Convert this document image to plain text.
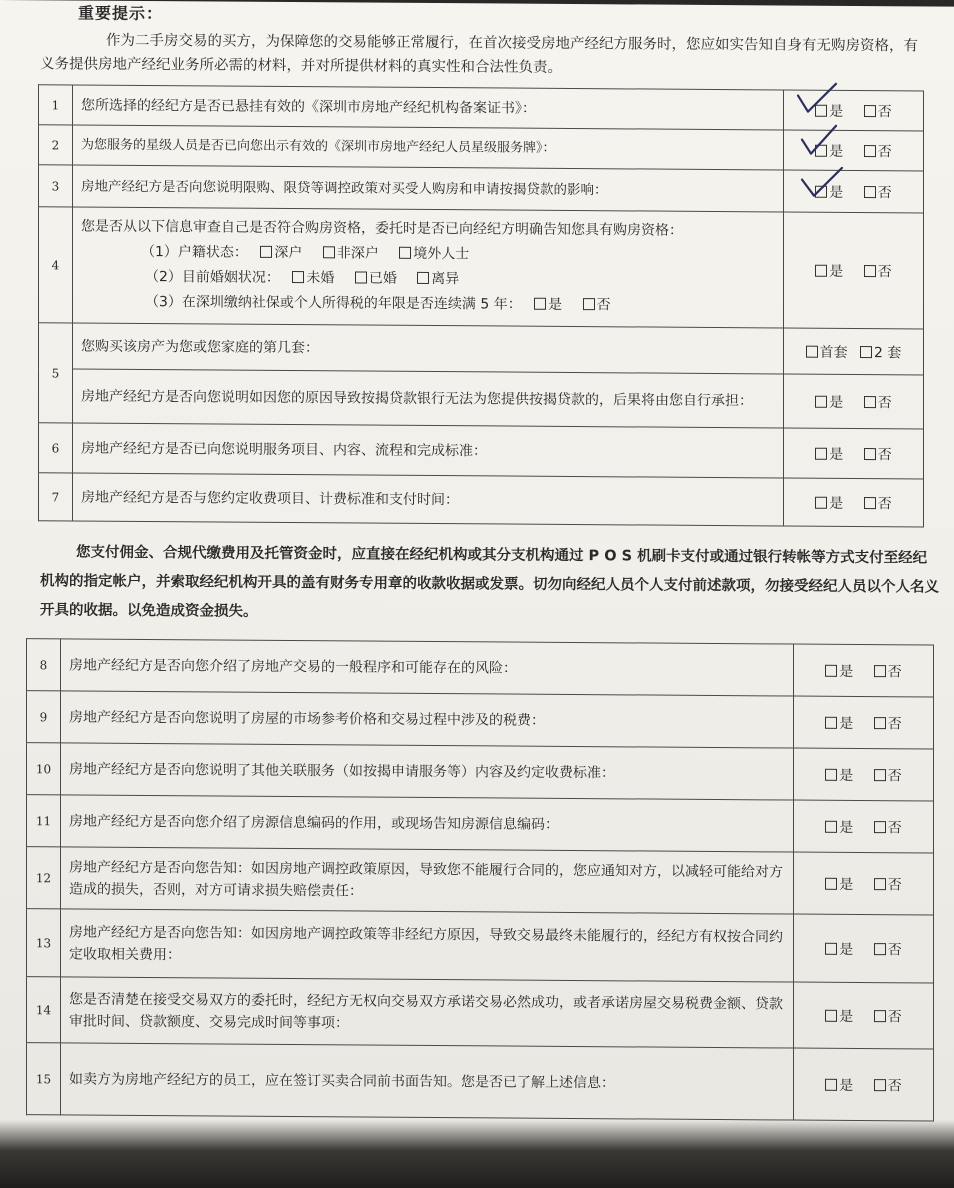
重要提示：
作为二手房交易的买方，为保障您的交易能够正常履行，在首次接受房地产经纪方服务时，您应如实告知自身有无购房资格，有义务提供房地产经纪业务所必需的材料，并对所提供材料的真实性和合法性负责。
1	您所选择的经纪方是否已悬挂有效的《深圳市房地产经纪机构备案证书》：	是 否
2	为您服务的星级人员是否已向您出示有效的《深圳市房地产经纪人员星级服务牌》：	是 否
3	房地产经纪方是否向您说明限购、限贷等调控政策对买受人购房和申请按揭贷款的影响：	是 否
4	您是否从以下信息审查自己是否符合购房资格，委托时是否已向经纪方明确告知您具有购房资格：
（1）户籍状态： 深户 非深户 境外人士
（2）目前婚姻状况： 未婚 已婚 离异
（3）在深圳缴纳社保或个人所得税的年限是否连续满 5 年： 是 否	是 否
5	您购买该房产为您或您家庭的第几套：	首套 2 套
	房地产经纪方是否向您说明如因您的原因导致按揭贷款银行无法为您提供按揭贷款的，后果将由您自行承担：	是 否
6	房地产经纪方是否已向您说明服务项目、内容、流程和完成标准：	是 否
7	房地产经纪方是否与您约定收费项目、计费标准和支付时间：	是 否
您支付佣金、合规代缴费用及托管资金时，应直接在经纪机构或其分支机构通过 P O S 机刷卡支付或通过银行转帐等方式支付至经纪机构的指定帐户，并索取经纪机构开具的盖有财务专用章的收款收据或发票。切勿向经纪人员个人支付前述款项，勿接受经纪人员以个人名义开具的收据。以免造成资金损失。
8	房地产经纪方是否向您介绍了房地产交易的一般程序和可能存在的风险：	是 否
9	房地产经纪方是否向您说明了房屋的市场参考价格和交易过程中涉及的税费：	是 否
10	房地产经纪方是否向您说明了其他关联服务（如按揭申请服务等）内容及约定收费标准：	是 否
11	房地产经纪方是否向您介绍了房源信息编码的作用，或现场告知房源信息编码：	是 否
12	房地产经纪方是否向您告知：如因房地产调控政策原因，导致您不能履行合同的，您应通知对方，以减轻可能给对方造成的损失，否则，对方可请求损失赔偿责任：	是 否
13	房地产经纪方是否向您告知：如因房地产调控政策等非经纪方原因，导致交易最终未能履行的，经纪方有权按合同约定收取相关费用：	是 否
14	您是否清楚在接受交易双方的委托时，经纪方无权向交易双方承诺交易必然成功，或者承诺房屋交易税费金额、贷款审批时间、贷款额度、交易完成时间等事项：	是 否
15	如卖方为房地产经纪方的员工，应在签订买卖合同前书面告知。您是否已了解上述信息：	是 否
